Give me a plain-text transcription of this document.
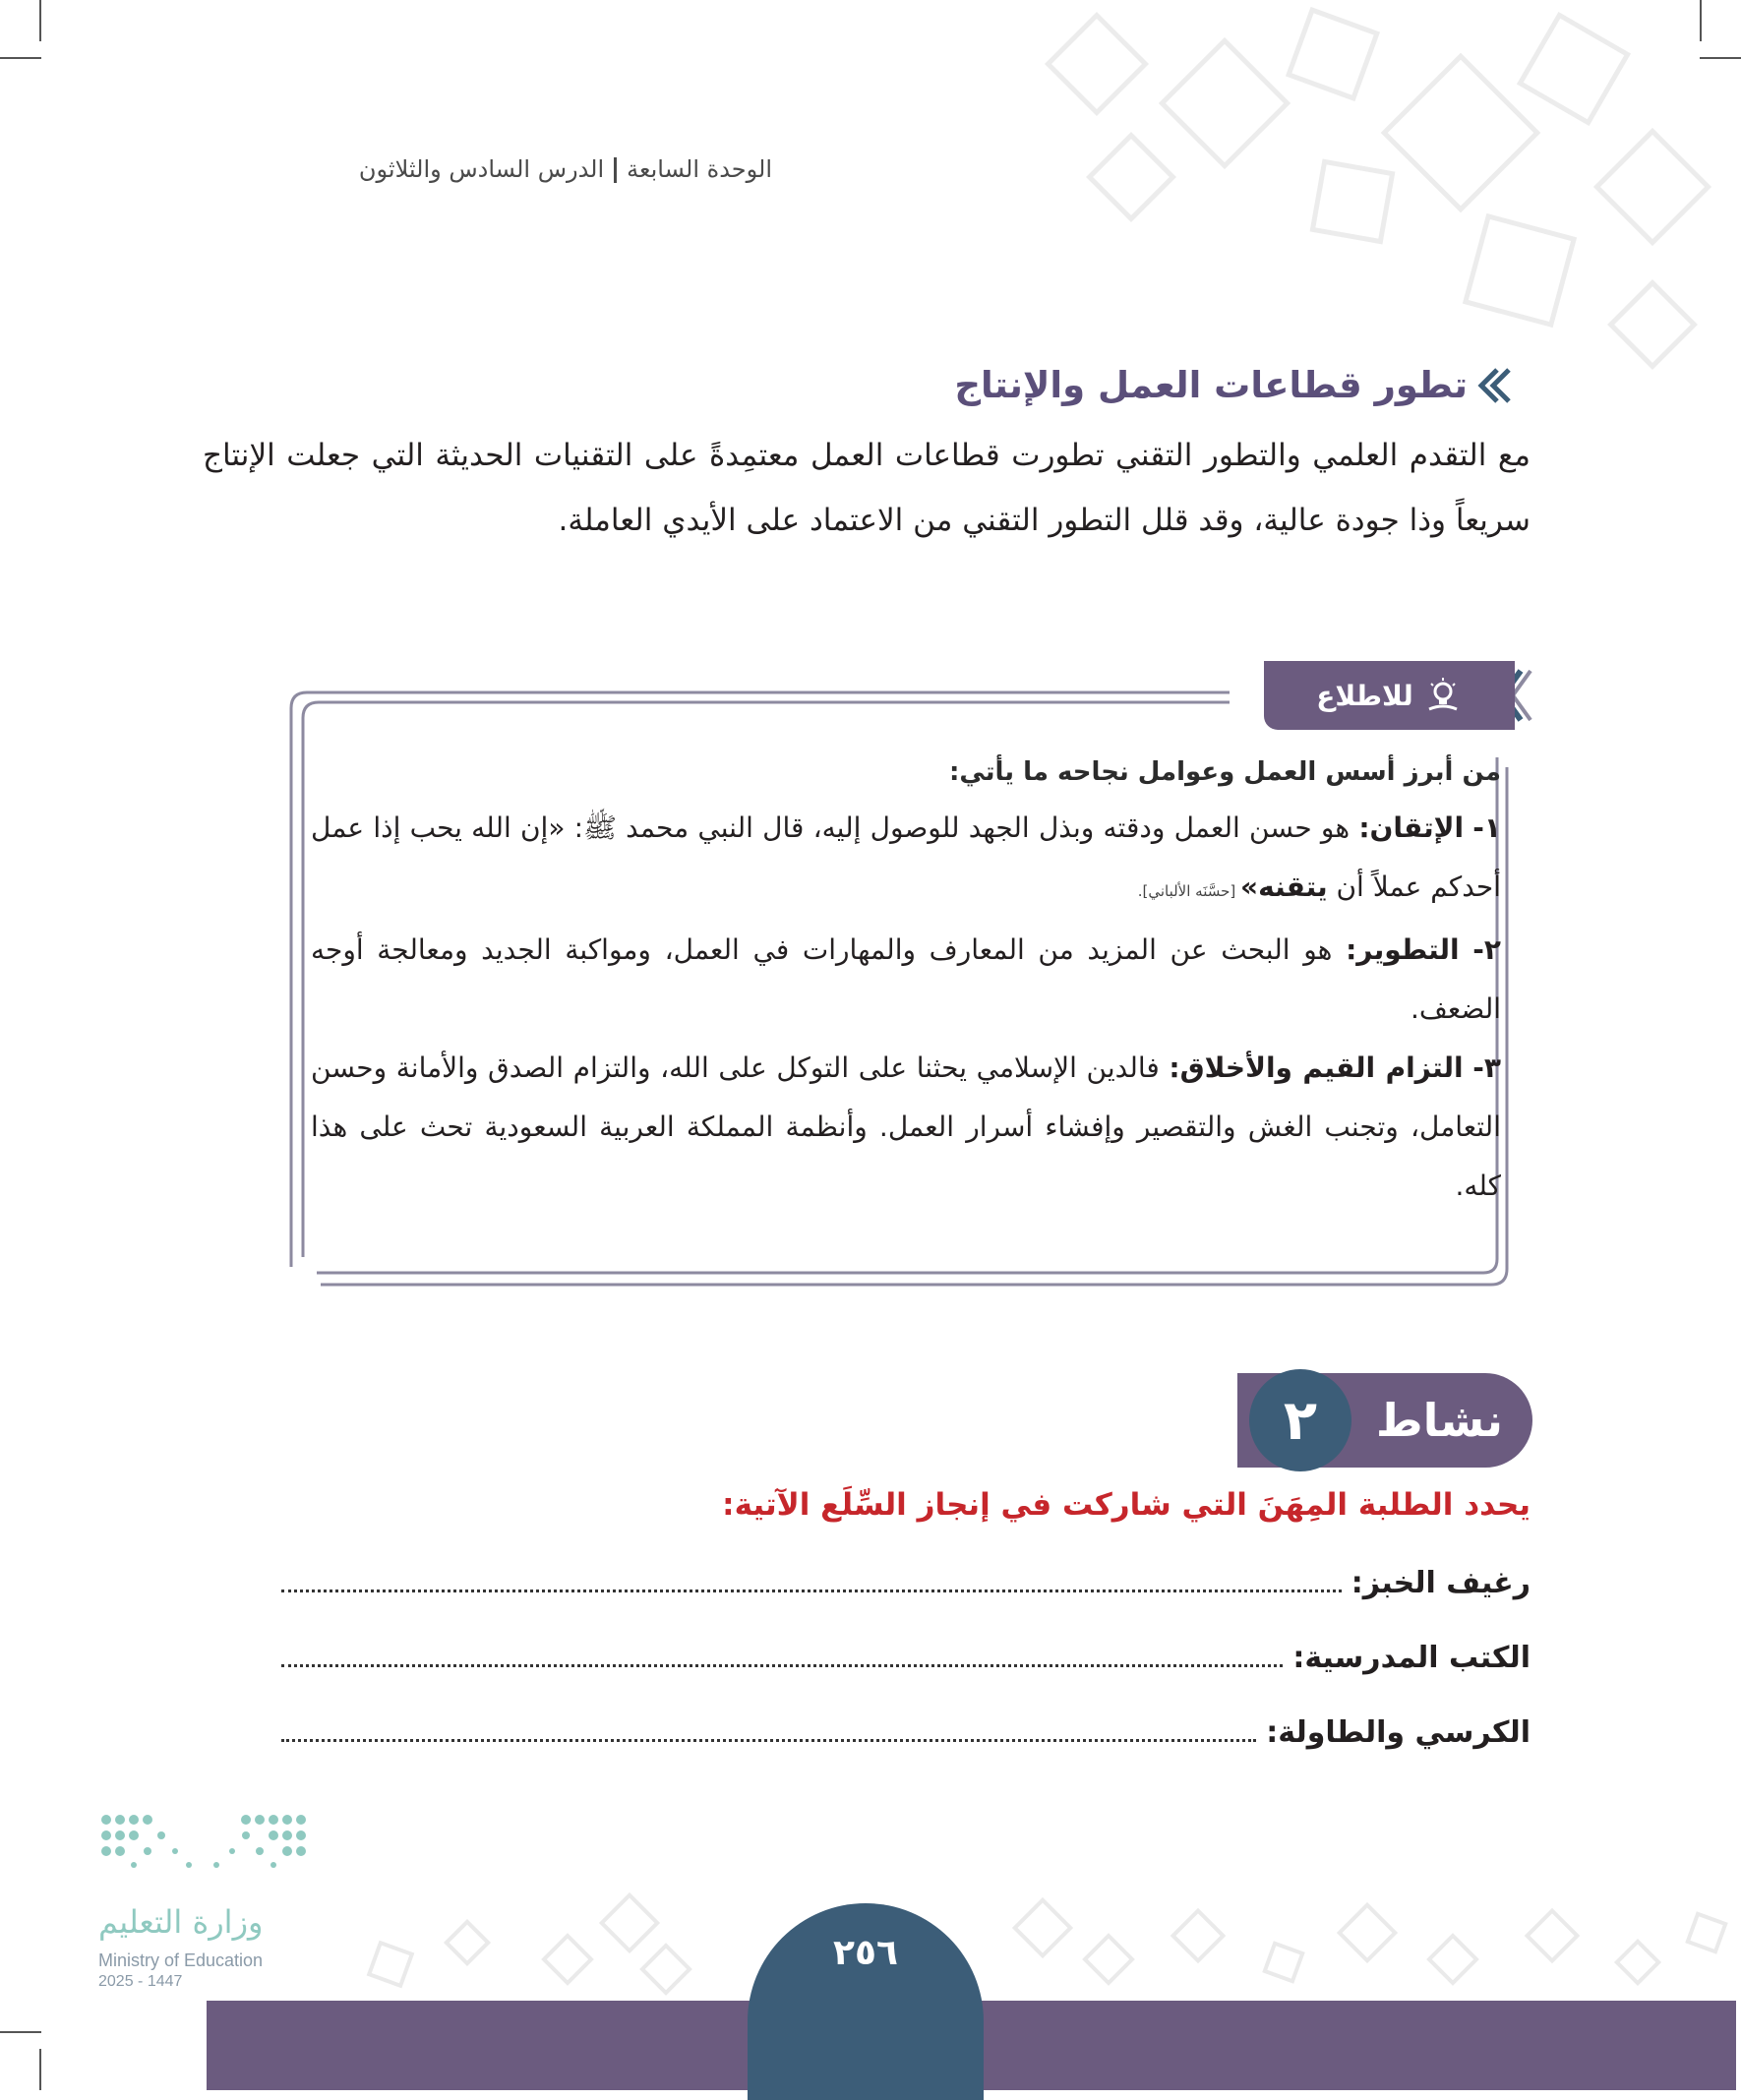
الوحدة السابعةالدرس السادس والثلاثون
تطور قطاعات العمل والإنتاج
مع التقدم العلمي والتطور التقني تطورت قطاعات العمل معتمِدةً على التقنيات الحديثة التي جعلت الإنتاج سريعاً وذا جودة عالية، وقد قلل التطور التقني من الاعتماد على الأيدي العاملة.
للاطلاع
من أبرز أسس العمل وعوامل نجاحه ما يأتي:
١- الإتقان: هو حسن العمل ودقته وبذل الجهد للوصول إليه، قال النبي محمد ﷺ: «إن الله يحب إذا عمل أحدكم عملاً أن يتقنه» [حسَّنَه الألباني].
٢- التطوير: هو البحث عن المزيد من المعارف والمهارات في العمل، ومواكبة الجديد ومعالجة أوجه الضعف.
٣- التزام القيم والأخلاق: فالدين الإسلامي يحثنا على التوكل على الله، والتزام الصدق والأمانة وحسن التعامل، وتجنب الغش والتقصير وإفشاء أسرار العمل. وأنظمة المملكة العربية السعودية تحث على هذا كله.
نشاط
٢
يحدد الطلبة المِهَنَ التي شاركت في إنجاز السِّلَع الآتية:
رغيف الخبز:
الكتب المدرسية:
الكرسي والطاولة:
وزارة التعليم
Ministry of Education
2025 - 1447
٢٥٦
